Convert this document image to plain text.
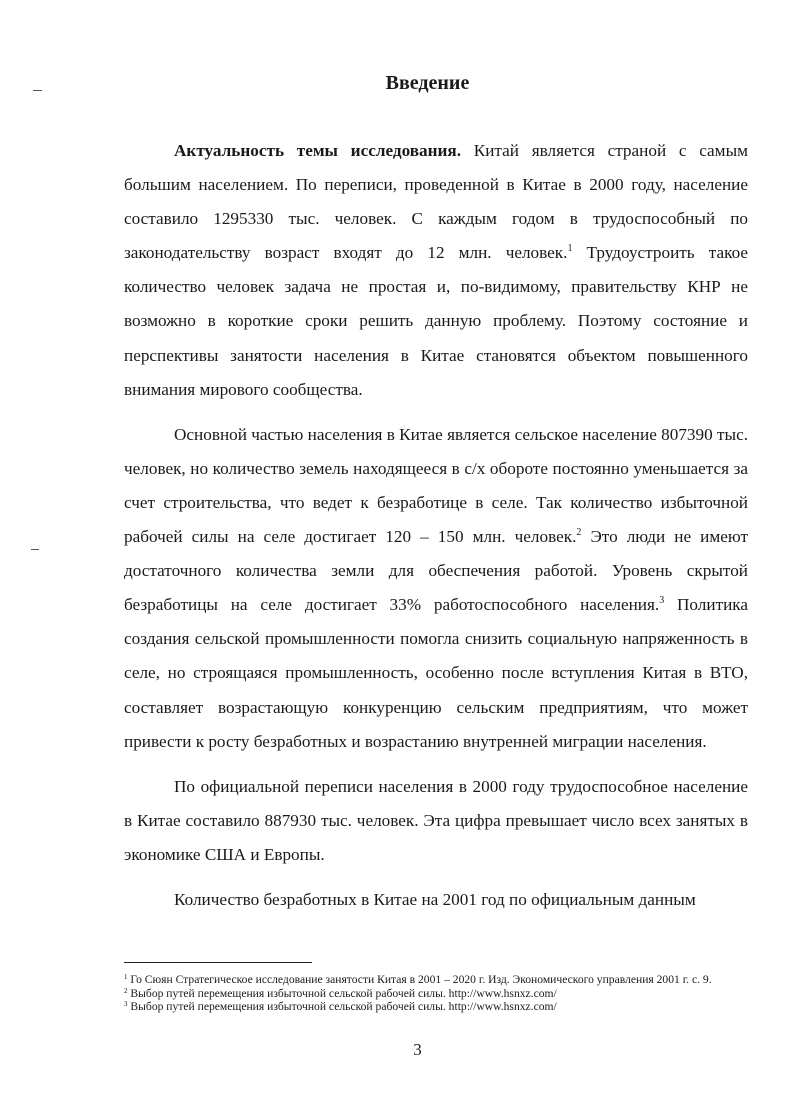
Введение

Актуальность темы исследования. Китай является страной с самым большим населением. По переписи, проведенной в Китае в 2000 году, население составило 1295330 тыс. человек. С каждым годом в трудоспособный по законодательству возраст входят до 12 млн. человек.$^1$ Трудоустроить такое количество человек задача не простая и, по-видимому, правительству КНР не возможно в короткие сроки решить данную проблему. Поэтому состояние и перспективы занятости населения в Китае становятся объектом повышенного внимания мирового сообщества.

Основной частью населения в Китае является сельское население 807390 тыс. человек, но количество земель находящееся в с/х обороте постоянно уменьшается за счет строительства, что ведет к безработице в селе. Так количество избыточной рабочей силы на селе достигает 120 – 150 млн. человек.$^2$ Это люди не имеют достаточного количества земли для обеспечения работой. Уровень скрытой безработицы на селе достигает 33% работоспособного населения.$^3$ Политика создания сельской промышленности помогла снизить социальную напряженность в селе, но строящаяся промышленность, особенно после вступления Китая в ВТО, составляет возрастающую конкуренцию сельским предприятиям, что может привести к росту безработных и возрастанию внутренней миграции населения.

По официальной переписи населения в 2000 году трудоспособное население в Китае составило 887930 тыс. человек. Эта цифра превышает число всех занятых в экономике США и Европы.

Количество безработных в Китае на 2001 год по официальным данным

$^1$ Го Сюян Стратегическое исследование занятости Китая в 2001 – 2020 г. Изд. Экономического управления 2001 г. с. 9.

$^2$ Выбор путей перемещения избыточной сельской рабочей силы. http://www.hsnxz.com/

$^3$ Выбор путей перемещения избыточной сельской рабочей силы. http://www.hsnxz.com/

3
